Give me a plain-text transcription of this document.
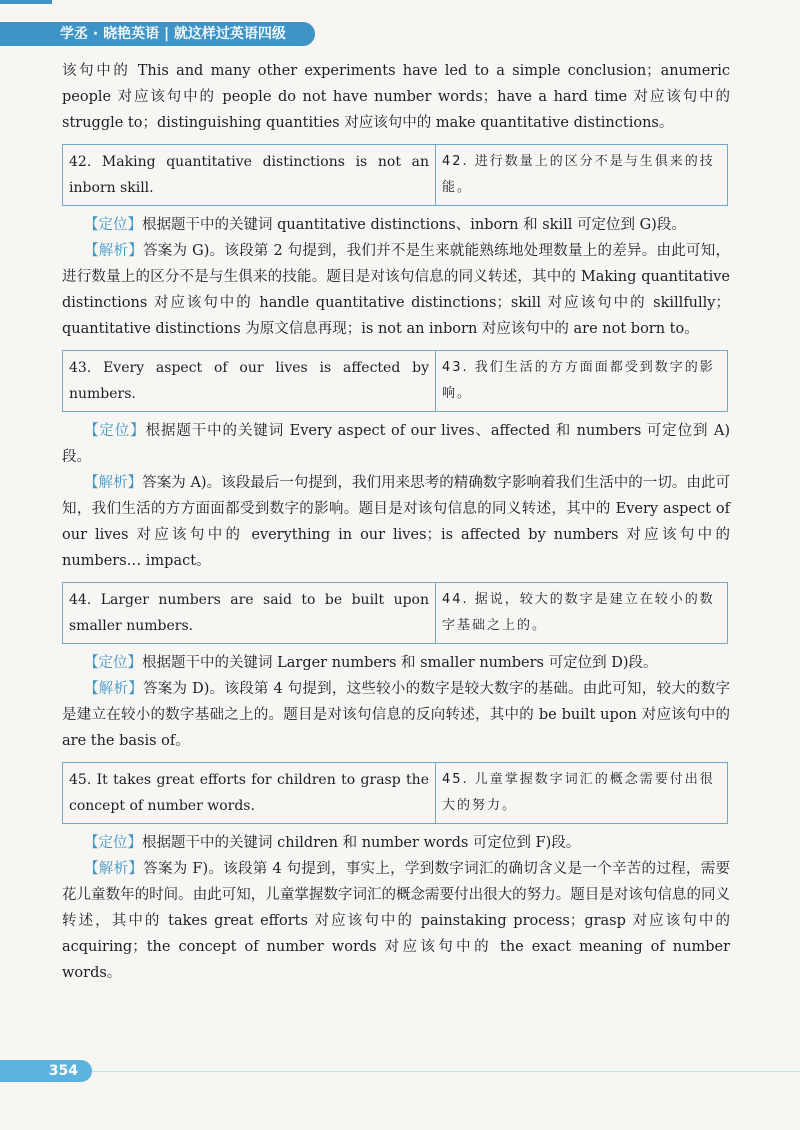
学丞 · 晓艳英语 | 就这样过英语四级

该句中的 This and many other experiments have led to a simple conclusion；anumeric people 对应该句中的 people do not have number words；have a hard time 对应该句中的 struggle to；distinguishing quantities 对应该句中的 make quantitative distinctions。

42. Making quantitative distinctions is not an inborn skill.	42. 进行数量上的区分不是与生俱来的技能。

【定位】根据题干中的关键词 quantitative distinctions、inborn 和 skill 可定位到 G)段。

【解析】答案为 G)。该段第 2 句提到，我们并不是生来就能熟练地处理数量上的差异。由此可知，进行数量上的区分不是与生俱来的技能。题目是对该句信息的同义转述，其中的 Making quantitative distinctions 对应该句中的 handle quantitative distinctions；skill 对应该句中的 skillfully；quantitative distinctions 为原文信息再现；is not an inborn 对应该句中的 are not born to。

43. Every aspect of our lives is affected by numbers.	43. 我们生活的方方面面都受到数字的影响。

【定位】根据题干中的关键词 Every aspect of our lives、affected 和 numbers 可定位到 A)段。

【解析】答案为 A)。该段最后一句提到，我们用来思考的精确数字影响着我们生活中的一切。由此可知，我们生活的方方面面都受到数字的影响。题目是对该句信息的同义转述，其中的 Every aspect of our lives 对应该句中的 everything in our lives；is affected by numbers 对应该句中的 numbers… impact。

44. Larger numbers are said to be built upon smaller numbers.	44. 据说，较大的数字是建立在较小的数字基础之上的。

【定位】根据题干中的关键词 Larger numbers 和 smaller numbers 可定位到 D)段。

【解析】答案为 D)。该段第 4 句提到，这些较小的数字是较大数字的基础。由此可知，较大的数字是建立在较小的数字基础之上的。题目是对该句信息的反向转述，其中的 be built upon 对应该句中的 are the basis of。

45. It takes great efforts for children to grasp the concept of number words.	45. 儿童掌握数字词汇的概念需要付出很大的努力。

【定位】根据题干中的关键词 children 和 number words 可定位到 F)段。

【解析】答案为 F)。该段第 4 句提到，事实上，学到数字词汇的确切含义是一个辛苦的过程，需要花儿童数年的时间。由此可知，儿童掌握数字词汇的概念需要付出很大的努力。题目是对该句信息的同义转述，其中的 takes great efforts 对应该句中的 painstaking process；grasp 对应该句中的 acquiring；the concept of number words 对应该句中的 the exact meaning of number words。

354
